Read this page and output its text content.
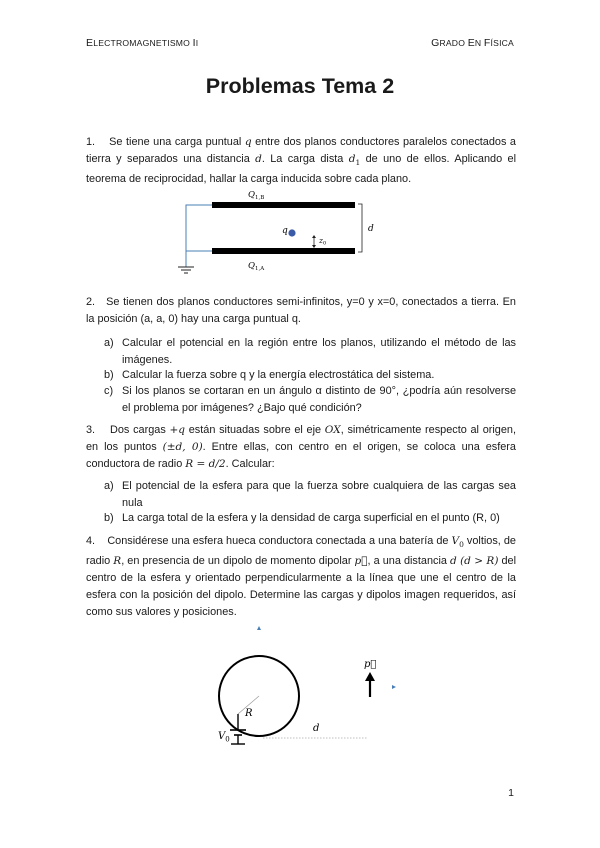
ELECTROMAGNETISMO II	GRADO EN FÍSICA
Problemas Tema 2
1. Se tiene una carga puntual q entre dos planos conductores paralelos conectados a tierra y separados una distancia d. La carga dista $d_1$ de uno de ellos. Aplicando el teorema de reciprocidad, hallar la carga inducida sobre cada plano.
$Q_{1,B}$
$Q_{1,A}$
q
$z_0$
d
2. Se tienen dos planos conductores semi-infinitos, y=0 y x=0, conectados a tierra. En la posición (a, a, 0) hay una carga puntual q.
a) Calcular el potencial en la región entre los planos, utilizando el método de las imágenes.
b) Calcular la fuerza sobre q y la energía electrostática del sistema.
c) Si los planos se cortaran en un ángulo α distinto de 90°, ¿podría aún resolverse el problema por imágenes? ¿Bajo qué condición?
3. Dos cargas +q están situadas sobre el eje OX, simétricamente respecto al origen, en los puntos (±d, 0). Entre ellas, con centro en el origen, se coloca una esfera conductora de radio R = d/2. Calcular:
a) El potencial de la esfera para que la fuerza sobre cualquiera de las cargas sea nula
b) La carga total de la esfera y la densidad de carga superficial en el punto (R, 0)
4. Considérese una esfera hueca conductora conectada a una batería de $V_0$ voltios, de radio R, en presencia de un dipolo de momento dipolar p⃗, a una distancia d (d > R) del centro de la esfera y orientado perpendicularmente a la línea que une el centro de la esfera con la posición del dipolo. Determine las cargas y dipolos imagen requeridos, así como sus valores y posiciones.
R
$V_0$
p⃗
d
1
